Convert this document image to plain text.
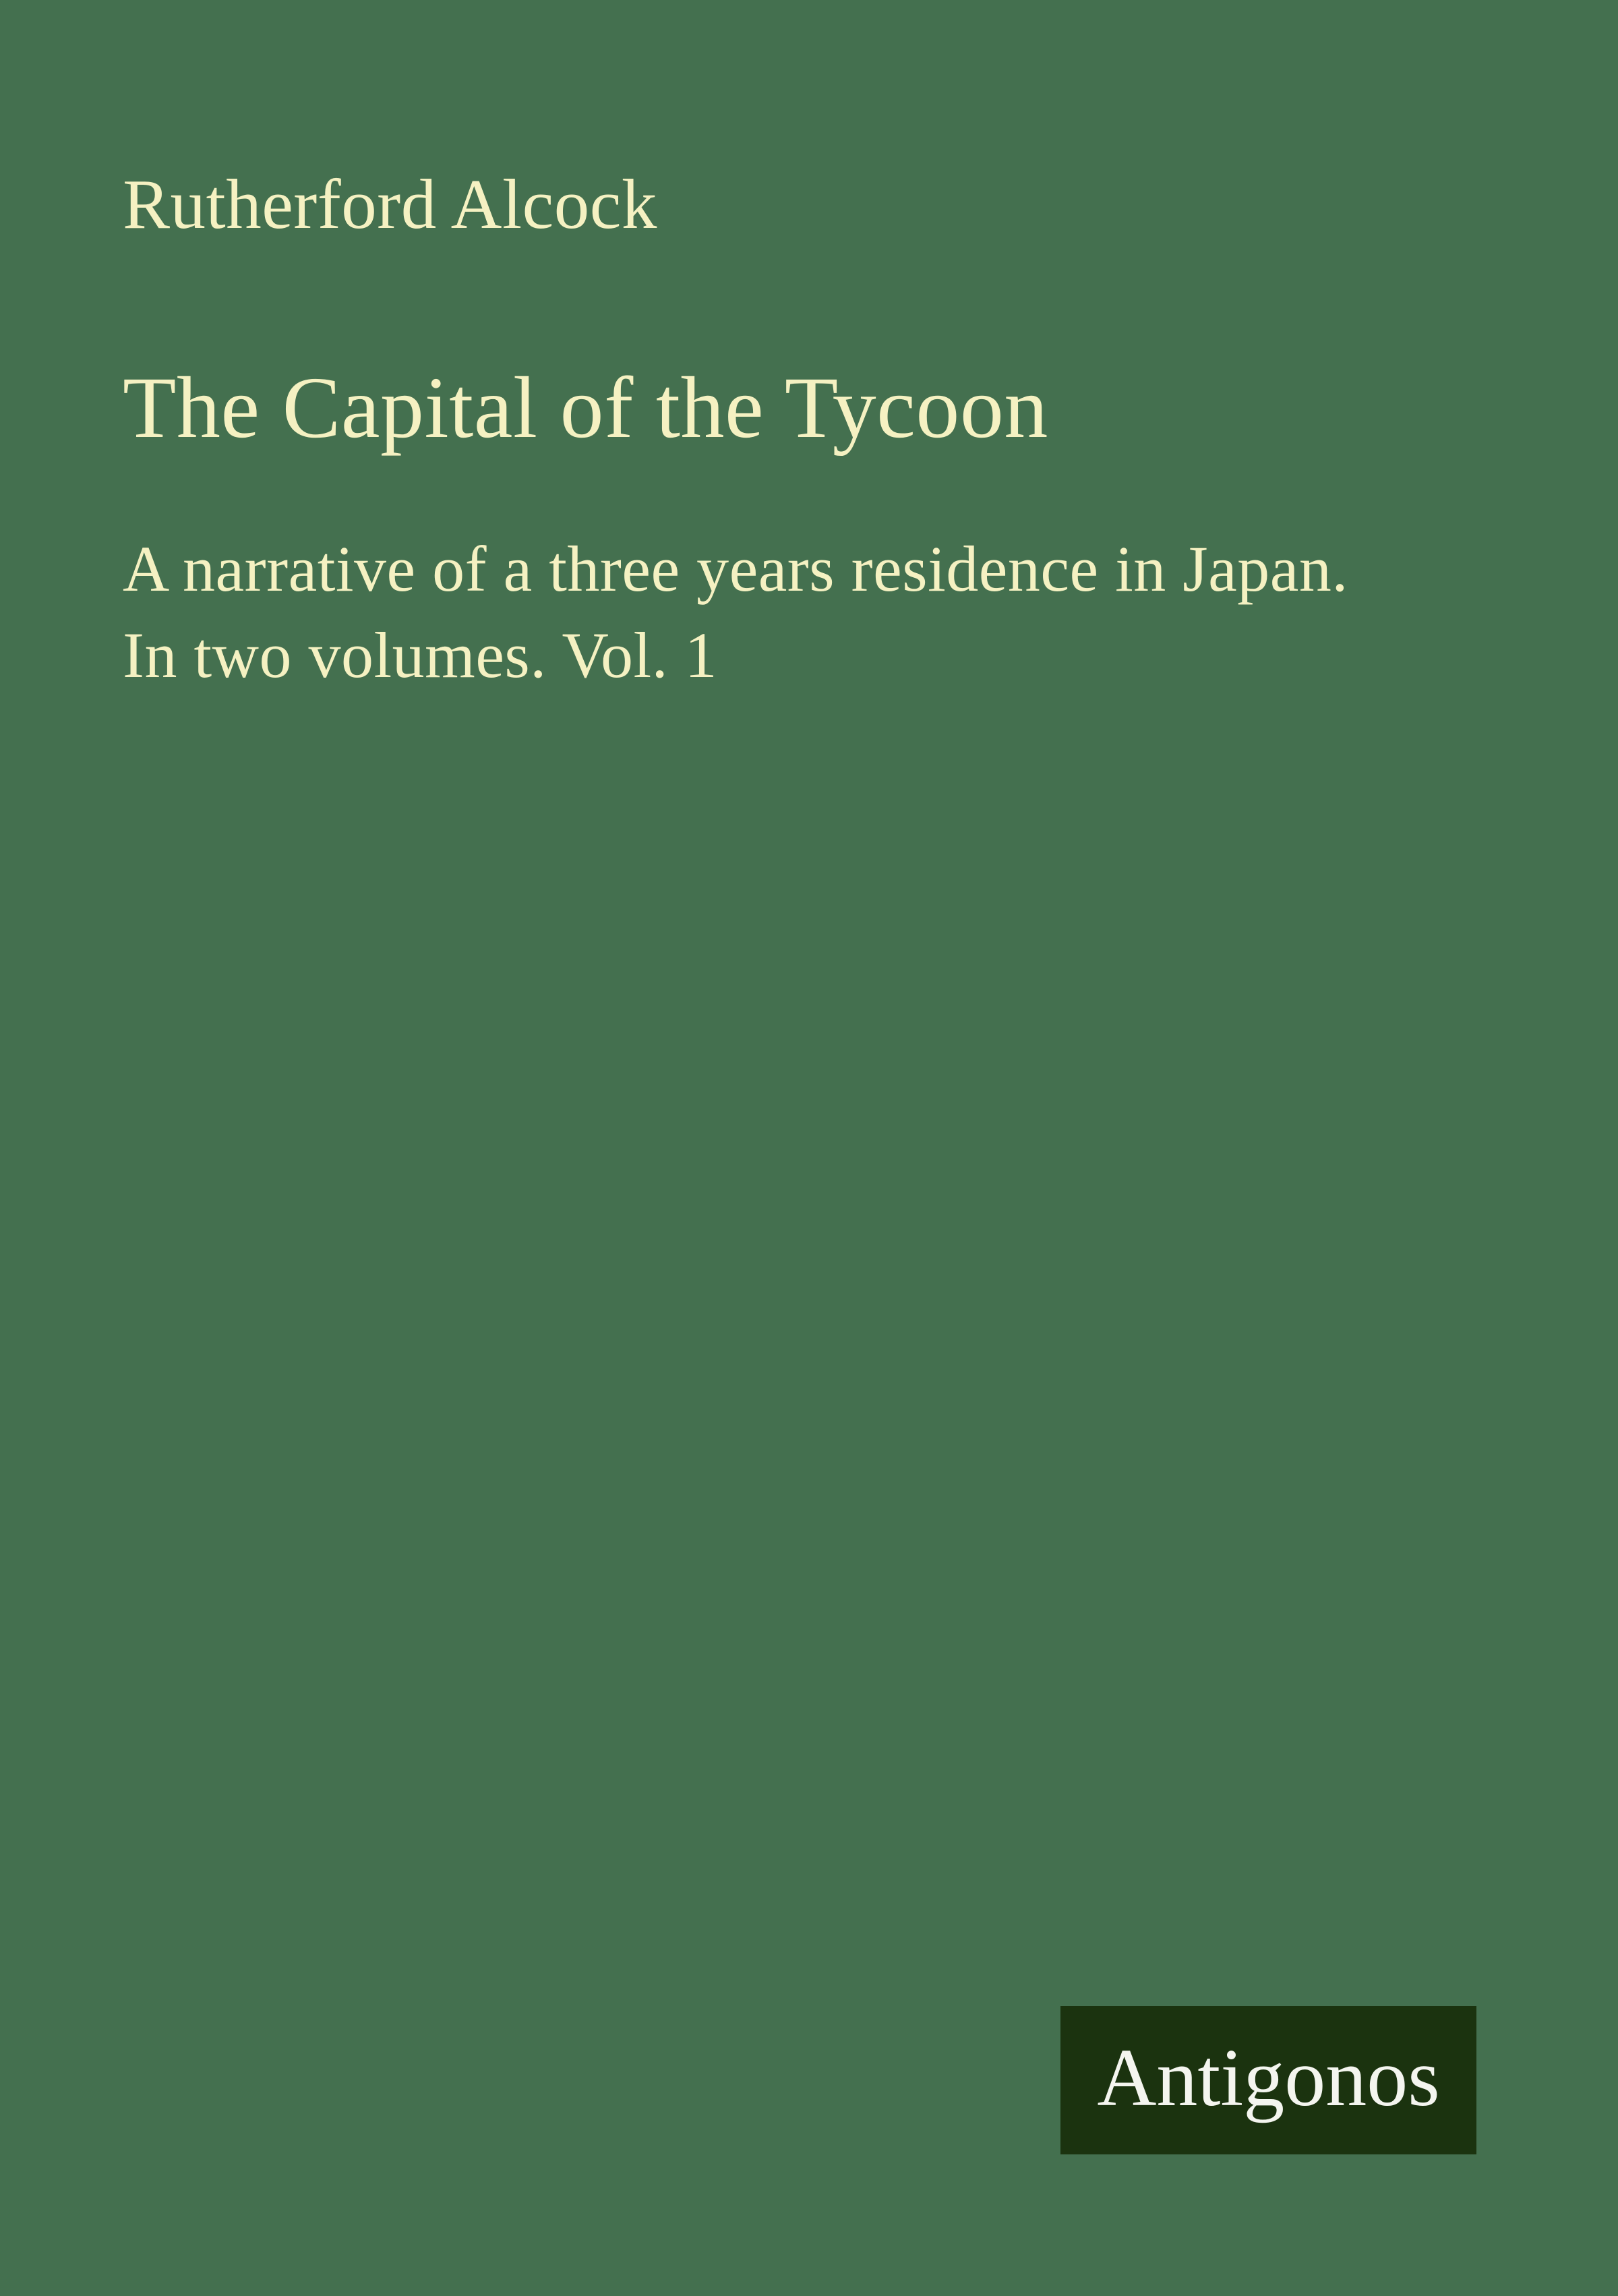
Rutherford Alcock
The Capital of the Tycoon
A narrative of a three years residence in Japan.
In two volumes. Vol. 1
Antigonos
